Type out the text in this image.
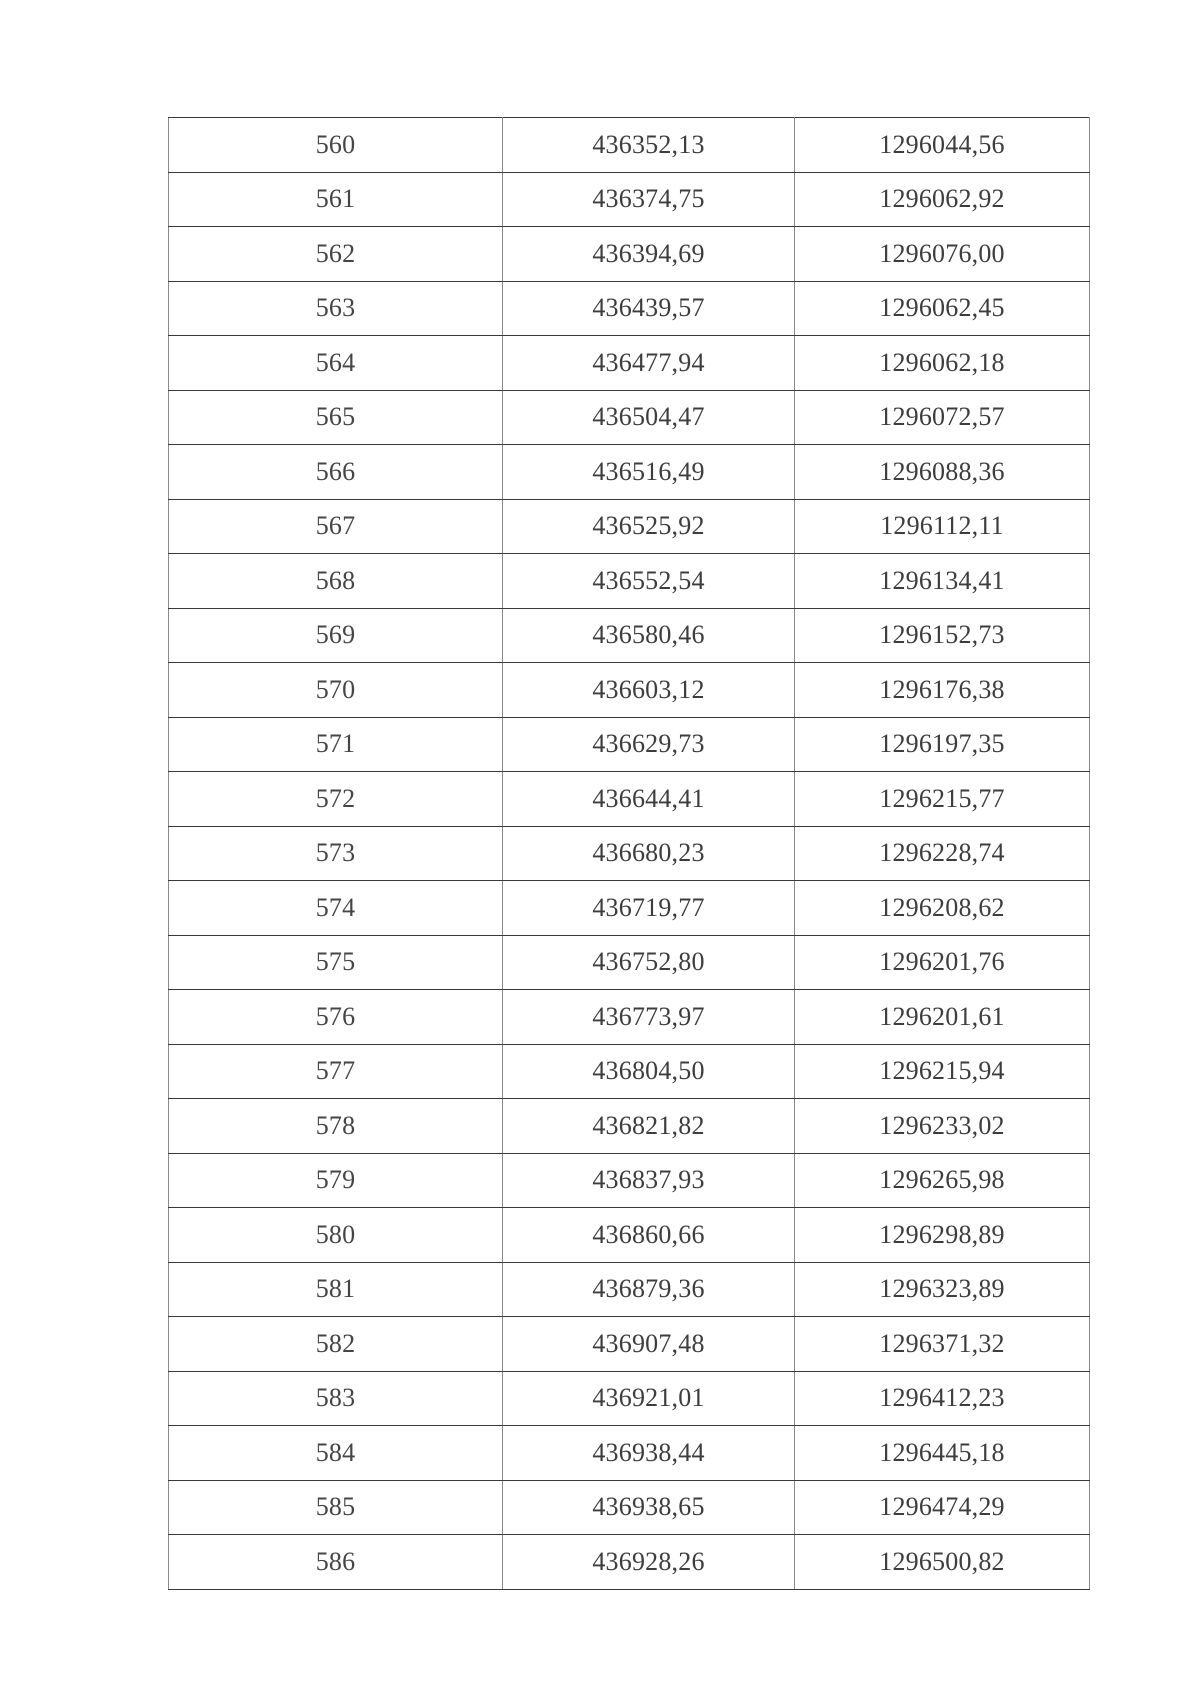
560	436352,13	1296044,56
561	436374,75	1296062,92
562	436394,69	1296076,00
563	436439,57	1296062,45
564	436477,94	1296062,18
565	436504,47	1296072,57
566	436516,49	1296088,36
567	436525,92	1296112,11
568	436552,54	1296134,41
569	436580,46	1296152,73
570	436603,12	1296176,38
571	436629,73	1296197,35
572	436644,41	1296215,77
573	436680,23	1296228,74
574	436719,77	1296208,62
575	436752,80	1296201,76
576	436773,97	1296201,61
577	436804,50	1296215,94
578	436821,82	1296233,02
579	436837,93	1296265,98
580	436860,66	1296298,89
581	436879,36	1296323,89
582	436907,48	1296371,32
583	436921,01	1296412,23
584	436938,44	1296445,18
585	436938,65	1296474,29
586	436928,26	1296500,82
